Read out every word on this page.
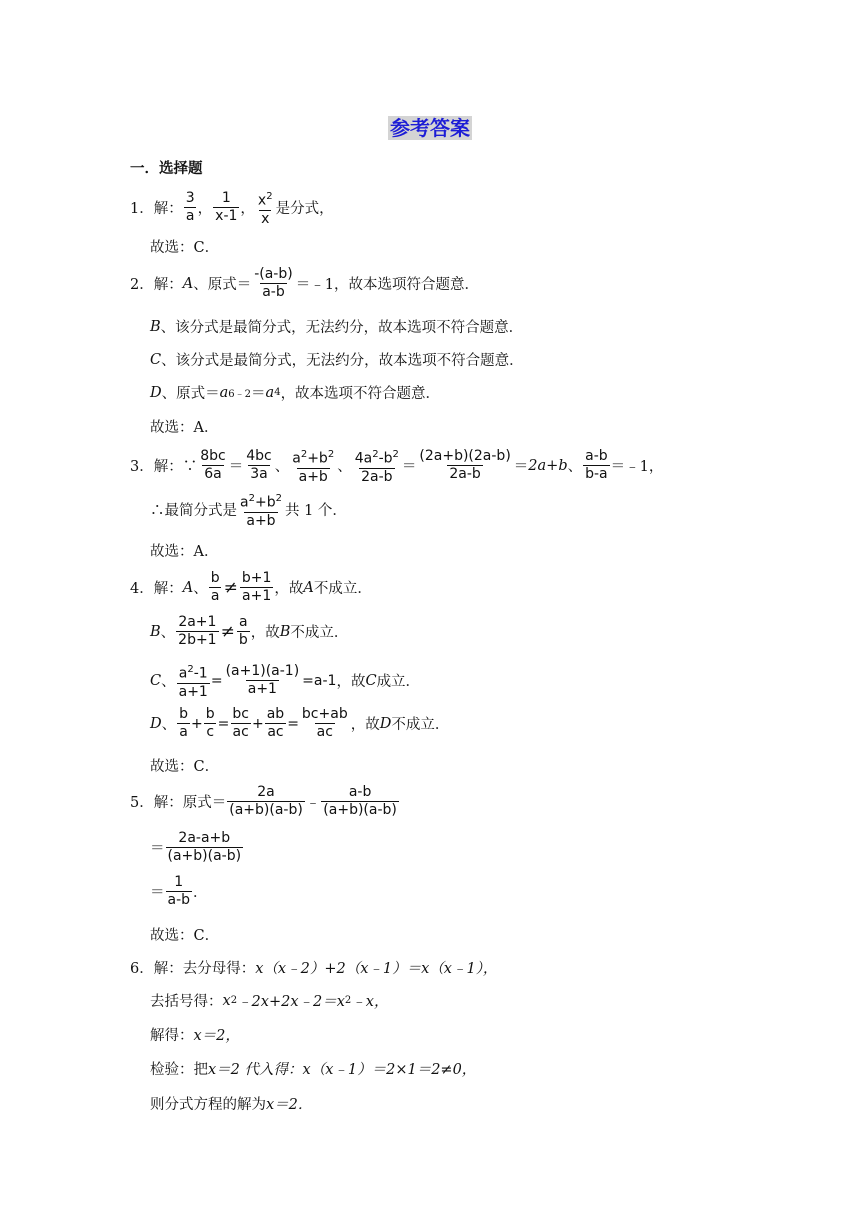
参考答案
一．选择题
1． 解： $\frac{3}{a}$ ， $\frac{1}{x-1}$ ， $\frac{x^2}{x}$ 是分式，
故选：C．
2． 解： A 、原式＝ $\frac{-(a-b)}{a-b}$ ＝﹣1，故本选项符合题意．
B 、该分式是最简分式，无法约分，故本选项不符合题意．
C 、该分式是最简分式，无法约分，故本选项不符合题意．
D 、原式＝ a 6﹣2 ＝ a 4 ，故本选项不符合题意．
故选：A．
3． 解：∵ $\frac{8bc}{6a} = \frac{4bc}{3a}$ 、 $\frac{a^2+b^2}{a+b}$ 、 $\frac{4a^2-b^2}{2a-b} = \frac{(2a+b)(2a-b)}{2a-b} = 2a+b$ 、 $\frac{a-b}{b-a}$ ＝﹣1，
∴最简分式是 $\frac{a^2+b^2}{a+b}$ 共 1 个．
故选：A．
4． 解： A 、 $\frac{b}{a} \ne \frac{b+1}{a+1}$ ，故 A 不成立．
B 、 $\frac{2a+1}{2b+1} \ne \frac{a}{b}$ ，故 B 不成立．
C 、 $\frac{a^2-1}{a+1} = \frac{(a+1)(a-1)}{a+1} =a-1$ ，故 C 成立．
D 、 $\frac{b}{a} + \frac{b}{c} = \frac{bc}{ac} + \frac{ab}{ac} = \frac{bc+ab}{ac}$ ，故 D 不成立．
故选：C．
5． 解：原式＝ $\frac{2a}{(a+b)(a-b)}$ ﹣ $\frac{a-b}{(a+b)(a-b)}$
＝ $\frac{2a-a+b}{(a+b)(a-b)}$
＝ $\frac{1}{a-b}$ ．
故选：C．
6． 解：去分母得： x（x﹣2）+2（x﹣1）＝x（x﹣1），
去括号得： x 2 ﹣2x+2x﹣2＝x 2 ﹣x，
解得： x＝2，
检验：把 x＝2 代入得：x（x﹣1）＝2×1＝2≠0，
则分式方程的解为 x＝2．
